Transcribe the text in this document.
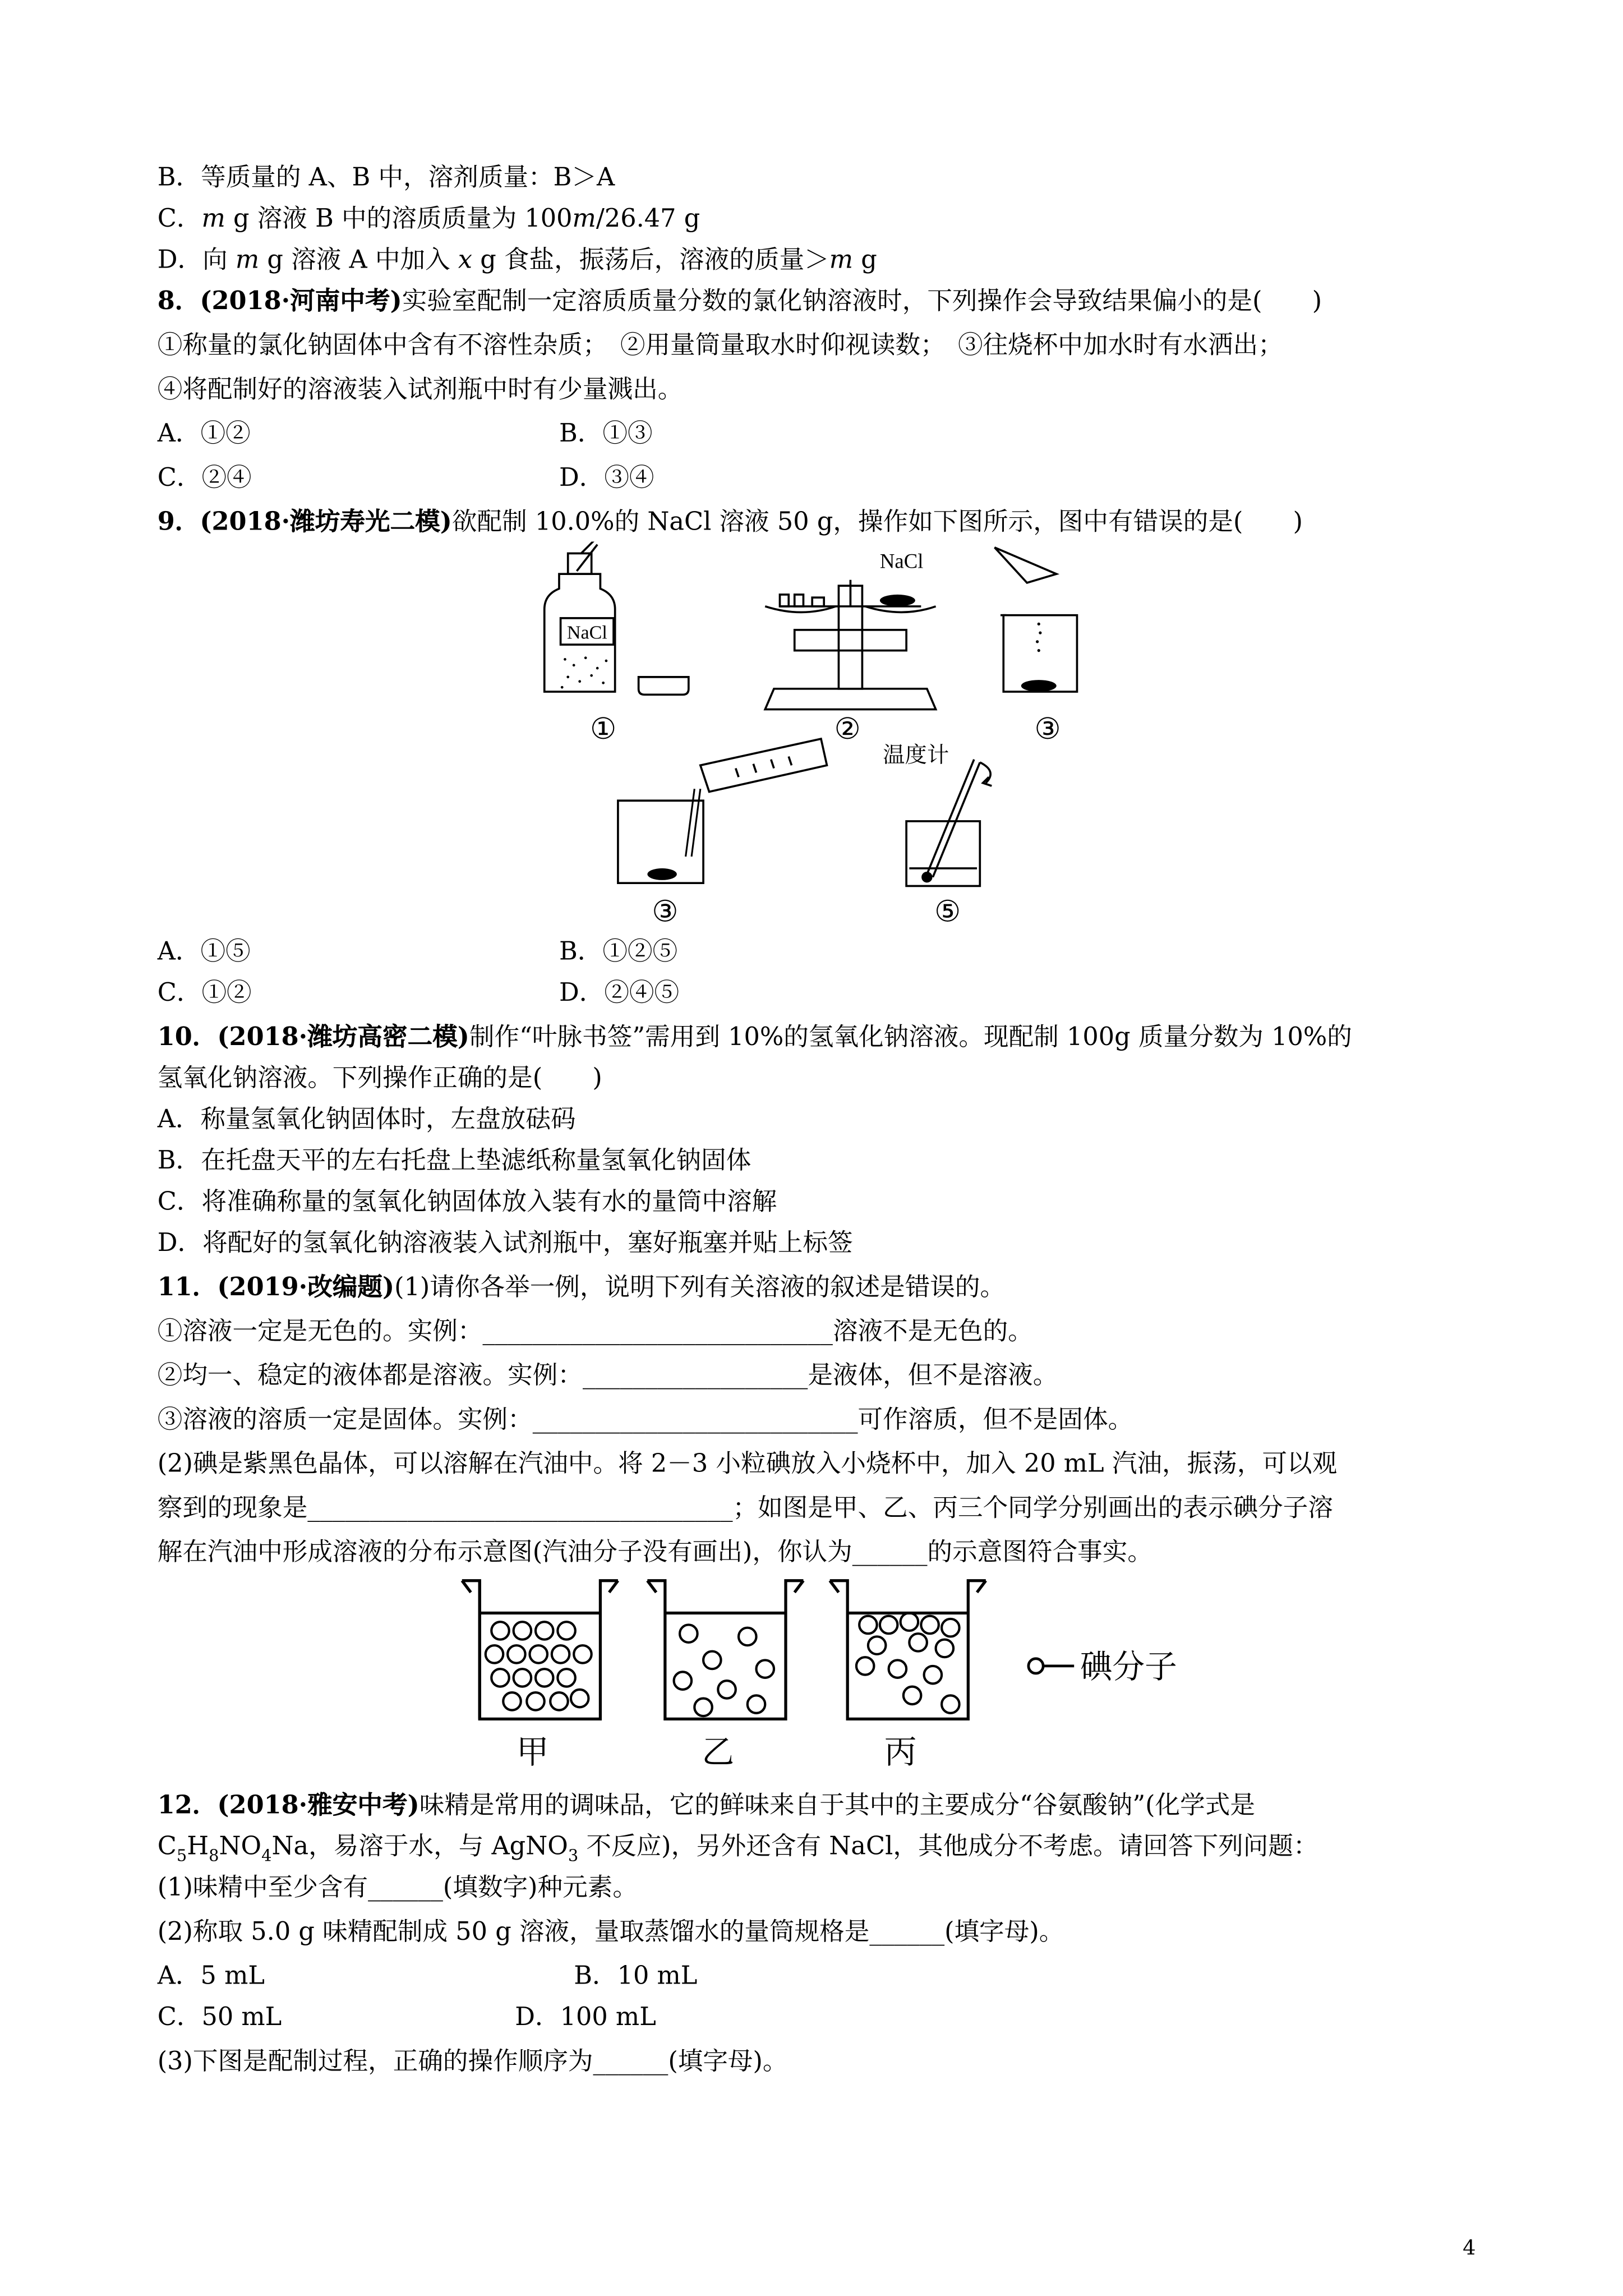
B．等质量的 A、B 中，溶剂质量：B＞A
C．m g 溶液 B 中的溶质质量为 100m/26.47 g
D．向 m g 溶液 A 中加入 x g 食盐，振荡后，溶液的质量＞m g
8．(2018·河南中考)实验室配制一定溶质质量分数的氯化钠溶液时，下列操作会导致结果偏小的是(　　)
①称量的氯化钠固体中含有不溶性杂质；　②用量筒量取水时仰视读数；　③往烧杯中加水时有水洒出；
④将配制好的溶液装入试剂瓶中时有少量溅出。
A．①②	B．①③
C．②④	D．③④
9．(2018·潍坊寿光二模)欲配制 10.0%的 NaCl 溶液 50 g，操作如下图所示，图中有错误的是(　　)
NaCl
NaCl
①	②	③
温度计
③	⑤
A．①⑤	B．①②⑤
C．①②	D．②④⑤
10．(2018·潍坊高密二模)制作“叶脉书签”需用到 10%的氢氧化钠溶液。现配制 100g 质量分数为 10%的
氢氧化钠溶液。下列操作正确的是(　　)
A．称量氢氧化钠固体时，左盘放砝码
B．在托盘天平的左右托盘上垫滤纸称量氢氧化钠固体
C．将准确称量的氢氧化钠固体放入装有水的量筒中溶解
D．将配好的氢氧化钠溶液装入试剂瓶中，塞好瓶塞并贴上标签
11．(2019·改编题)(1)请你各举一例，说明下列有关溶液的叙述是错误的。
①溶液一定是无色的。实例：____________________________溶液不是无色的。
②均一、稳定的液体都是溶液。实例：__________________是液体，但不是溶液。
③溶液的溶质一定是固体。实例：__________________________可作溶质，但不是固体。
(2)碘是紫黑色晶体，可以溶解在汽油中。将 2－3 小粒碘放入小烧杯中，加入 20 mL 汽油，振荡，可以观
察到的现象是__________________________________；如图是甲、乙、丙三个同学分别画出的表示碘分子溶
解在汽油中形成溶液的分布示意图(汽油分子没有画出)，你认为______的示意图符合事实。
碘分子
甲	乙	丙
12．(2018·雅安中考)味精是常用的调味品，它的鲜味来自于其中的主要成分“谷氨酸钠”(化学式是
$C_5H_8NO_4Na$，易溶于水，与 AgNO$_3$ 不反应)，另外还含有 NaCl，其他成分不考虑。请回答下列问题：
(1)味精中至少含有______(填数字)种元素。
(2)称取 5.0 g 味精配制成 50 g 溶液，量取蒸馏水的量筒规格是______(填字母)。
A．5 mL	B．10 mL
C．50 mL	D．100 mL
(3)下图是配制过程，正确的操作顺序为______(填字母)。
4
